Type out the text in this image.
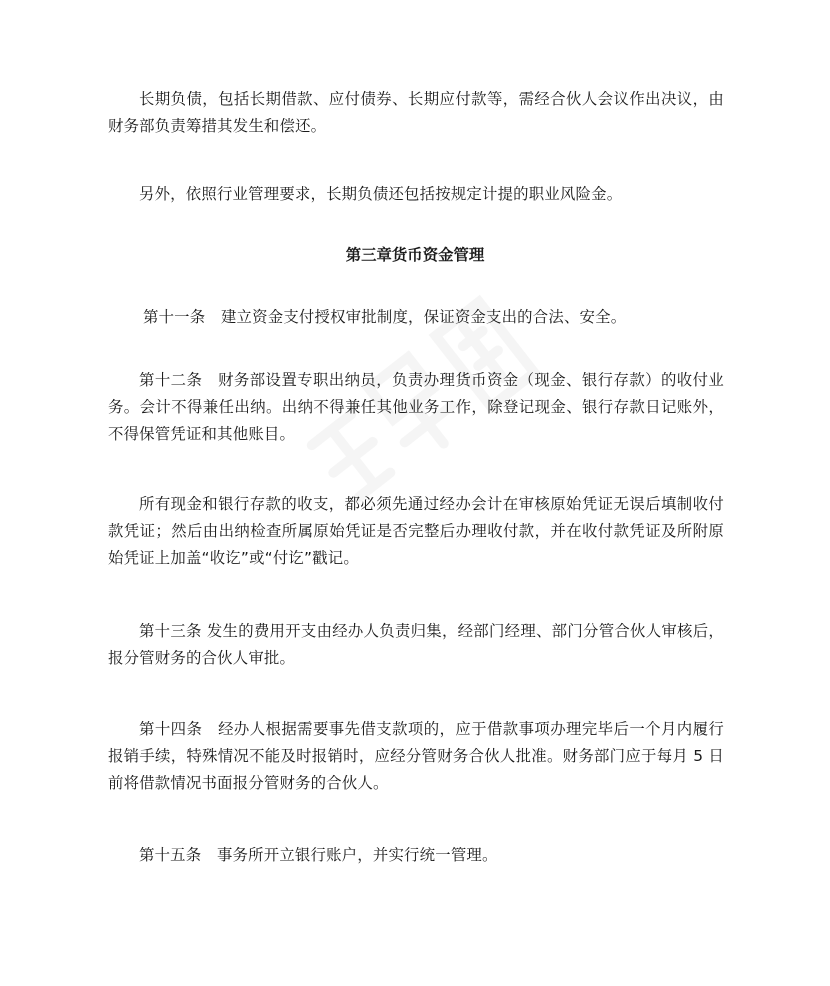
长期负债，包括长期借款、应付债券、长期应付款等，需经合伙人会议作出决议，由财务部负责筹措其发生和偿还。

另外，依照行业管理要求，长期负债还包括按规定计提的职业风险金。

第三章货币资金管理

第十一条　建立资金支付授权审批制度，保证资金支出的合法、安全。

第十二条　财务部设置专职出纳员，负责办理货币资金（现金、银行存款）的收付业务。会计不得兼任出纳。出纳不得兼任其他业务工作，除登记现金、银行存款日记账外，不得保管凭证和其他账目。

所有现金和银行存款的收支，都必须先通过经办会计在审核原始凭证无误后填制收付款凭证；然后由出纳检查所属原始凭证是否完整后办理收付款，并在收付款凭证及所附原始凭证上加盖“收讫”或“付讫”戳记。

第十三条 发生的费用开支由经办人负责归集，经部门经理、部门分管合伙人审核后，报分管财务的合伙人审批。

第十四条　经办人根据需要事先借支款项的，应于借款事项办理完毕后一个月内履行报销手续，特殊情况不能及时报销时，应经分管财务合伙人批准。财务部门应于每月 5 日前将借款情况书面报分管财务的合伙人。

第十五条　事务所开立银行账户，并实行统一管理。
